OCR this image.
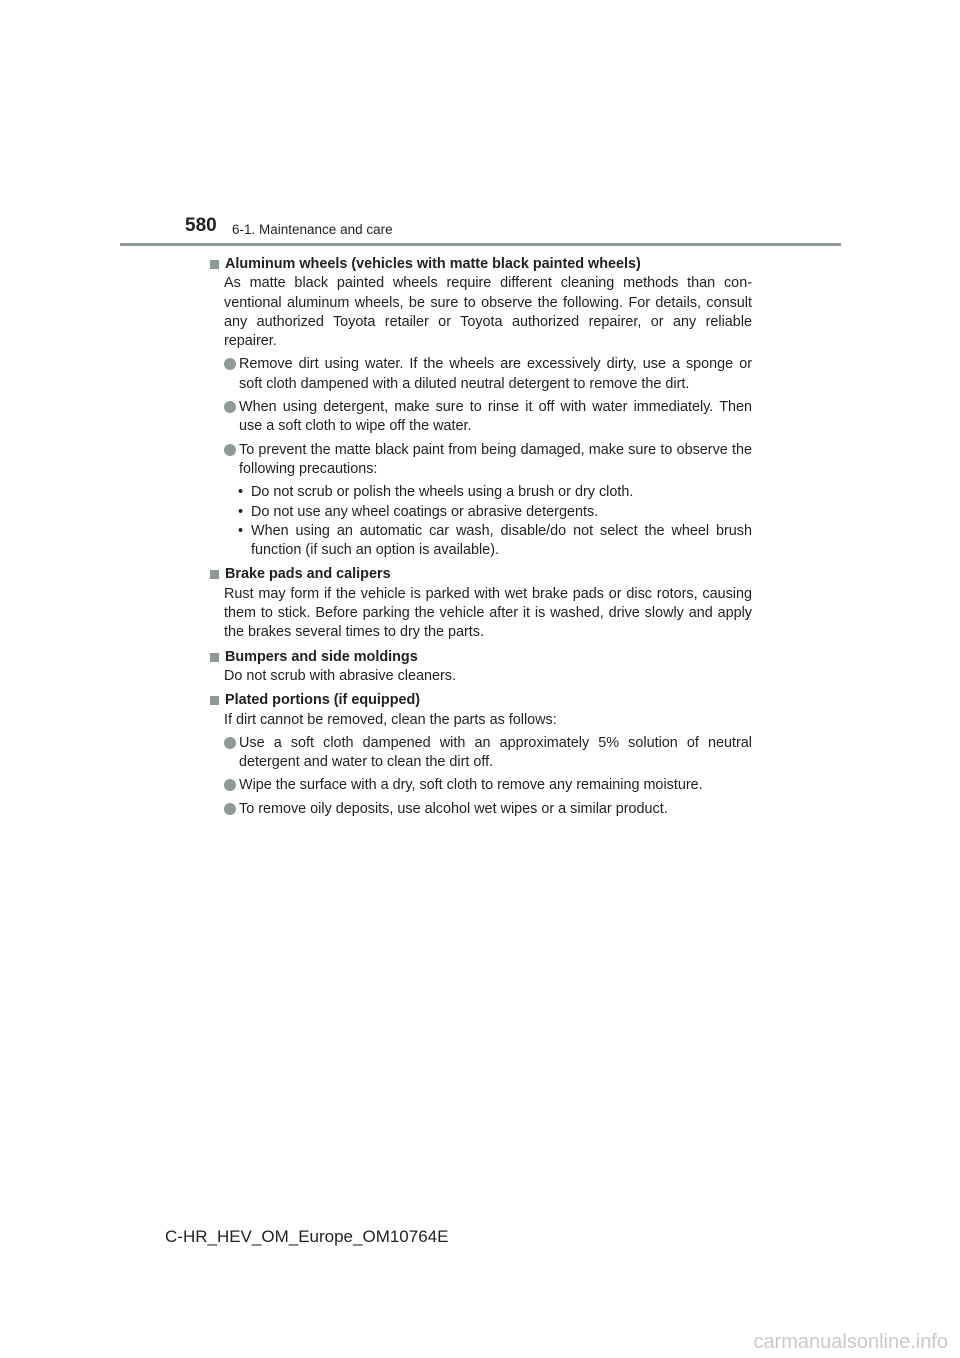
580 6-1. Maintenance and care
Aluminum wheels (vehicles with matte black painted wheels)
As matte black painted wheels require different cleaning methods than con- ventional aluminum wheels, be sure to observe the following. For details, consult any authorized Toyota retailer or Toyota authorized repairer, or any reliable repairer.
Remove dirt using water. If the wheels are excessively dirty, use a sponge or soft cloth dampened with a diluted neutral detergent to remove the dirt.
When using detergent, make sure to rinse it off with water immediately. Then use a soft cloth to wipe off the water.
To prevent the matte black paint from being damaged, make sure to observe the following precautions:
• Do not scrub or polish the wheels using a brush or dry cloth.
• Do not use any wheel coatings or abrasive detergents.
• When using an automatic car wash, disable/do not select the wheel brush function (if such an option is available).
Brake pads and calipers
Rust may form if the vehicle is parked with wet brake pads or disc rotors, causing them to stick. Before parking the vehicle after it is washed, drive slowly and apply the brakes several times to dry the parts.
Bumpers and side moldings
Do not scrub with abrasive cleaners.
Plated portions (if equipped)
If dirt cannot be removed, clean the parts as follows:
Use a soft cloth dampened with an approximately 5% solution of neutral detergent and water to clean the dirt off.
Wipe the surface with a dry, soft cloth to remove any remaining moisture.
To remove oily deposits, use alcohol wet wipes or a similar product.
C-HR_HEV_OM_Europe_OM10764E
carmanualsonline.info
